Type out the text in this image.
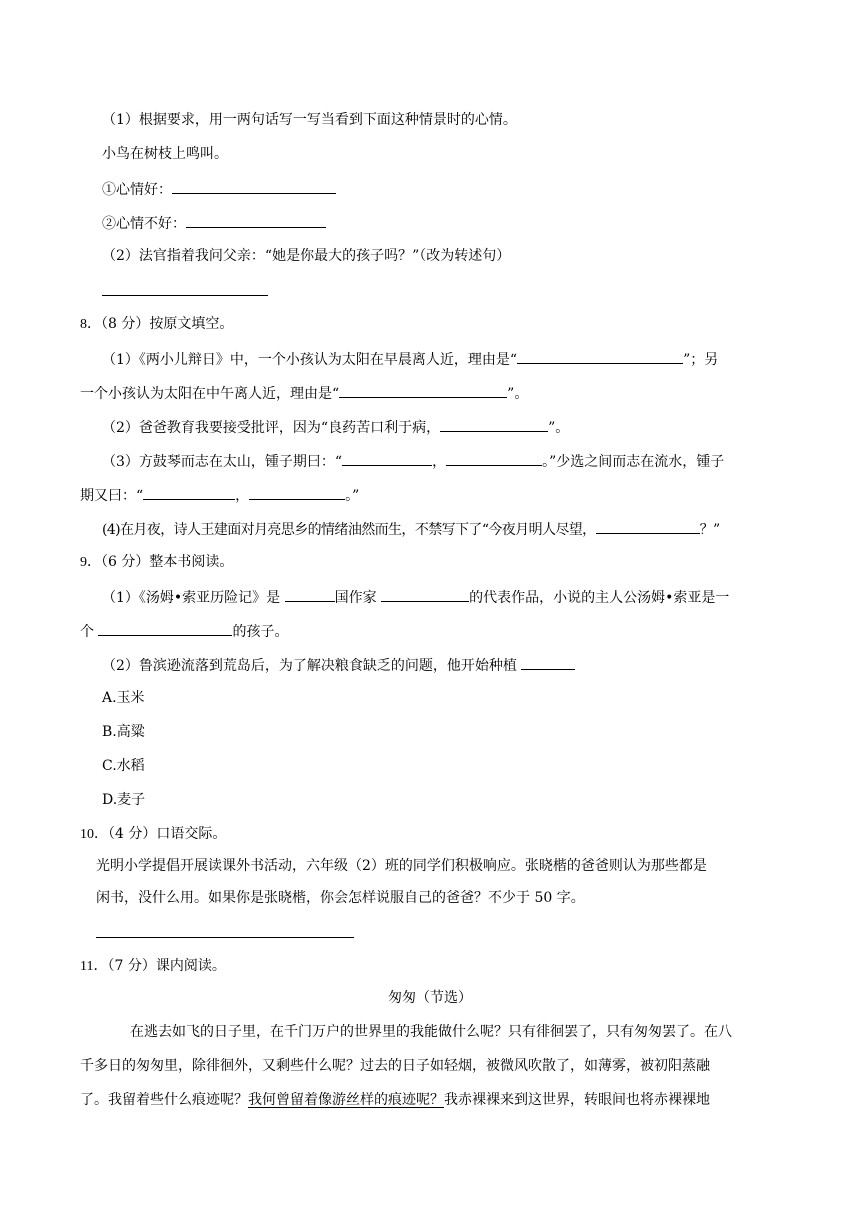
（1）根据要求，用一两句话写一写当看到下面这种情景时的心情。
小鸟在树枝上鸣叫。
①心情好：
②心情不好：
（2）法官指着我问父亲：“她是你最大的孩子吗？”（改为转述句）
8．（8 分）按原文填空。
（1）《两小儿辩日》中，一个小孩认为太阳在早晨离人近，理由是“	”；另
一个小孩认为太阳在中午离人近，理由是“	”。
（2）爸爸教育我要接受批评，因为“良药苦口利于病，	”。
（3）方鼓琴而志在太山，锺子期曰：“	，	。”少选之间而志在流水，锺子
期又曰：“	，	。”
(4)在月夜，诗人王建面对月亮思乡的情绪油然而生，不禁写下了“今夜月明人尽望，	？”
9．（6 分）整本书阅读。
（1）《汤姆•索亚历险记》是	国作家	的代表作品，小说的主人公汤姆•索亚是一
个	的孩子。
（2）鲁滨逊流落到荒岛后，为了解决粮食缺乏的问题，他开始种植
A.玉米
B.高粱
C.水稻
D.麦子
10．（4 分）口语交际。
光明小学提倡开展读课外书活动，六年级（2）班的同学们积极响应。张晓楷的爸爸则认为那些都是
闲书，没什么用。如果你是张晓楷，你会怎样说服自己的爸爸？不少于 50 字。
11．（7 分）课内阅读。
匆匆（节选）
在逃去如飞的日子里，在千门万户的世界里的我能做什么呢？只有徘徊罢了，只有匆匆罢了。在八
千多日的匆匆里，除徘徊外，又剩些什么呢？过去的日子如轻烟，被微风吹散了，如薄雾，被初阳蒸融
了。我留着些什么痕迹呢？我何曾留着像游丝样的痕迹呢？我赤裸裸来到这世界，转眼间也将赤裸裸地
